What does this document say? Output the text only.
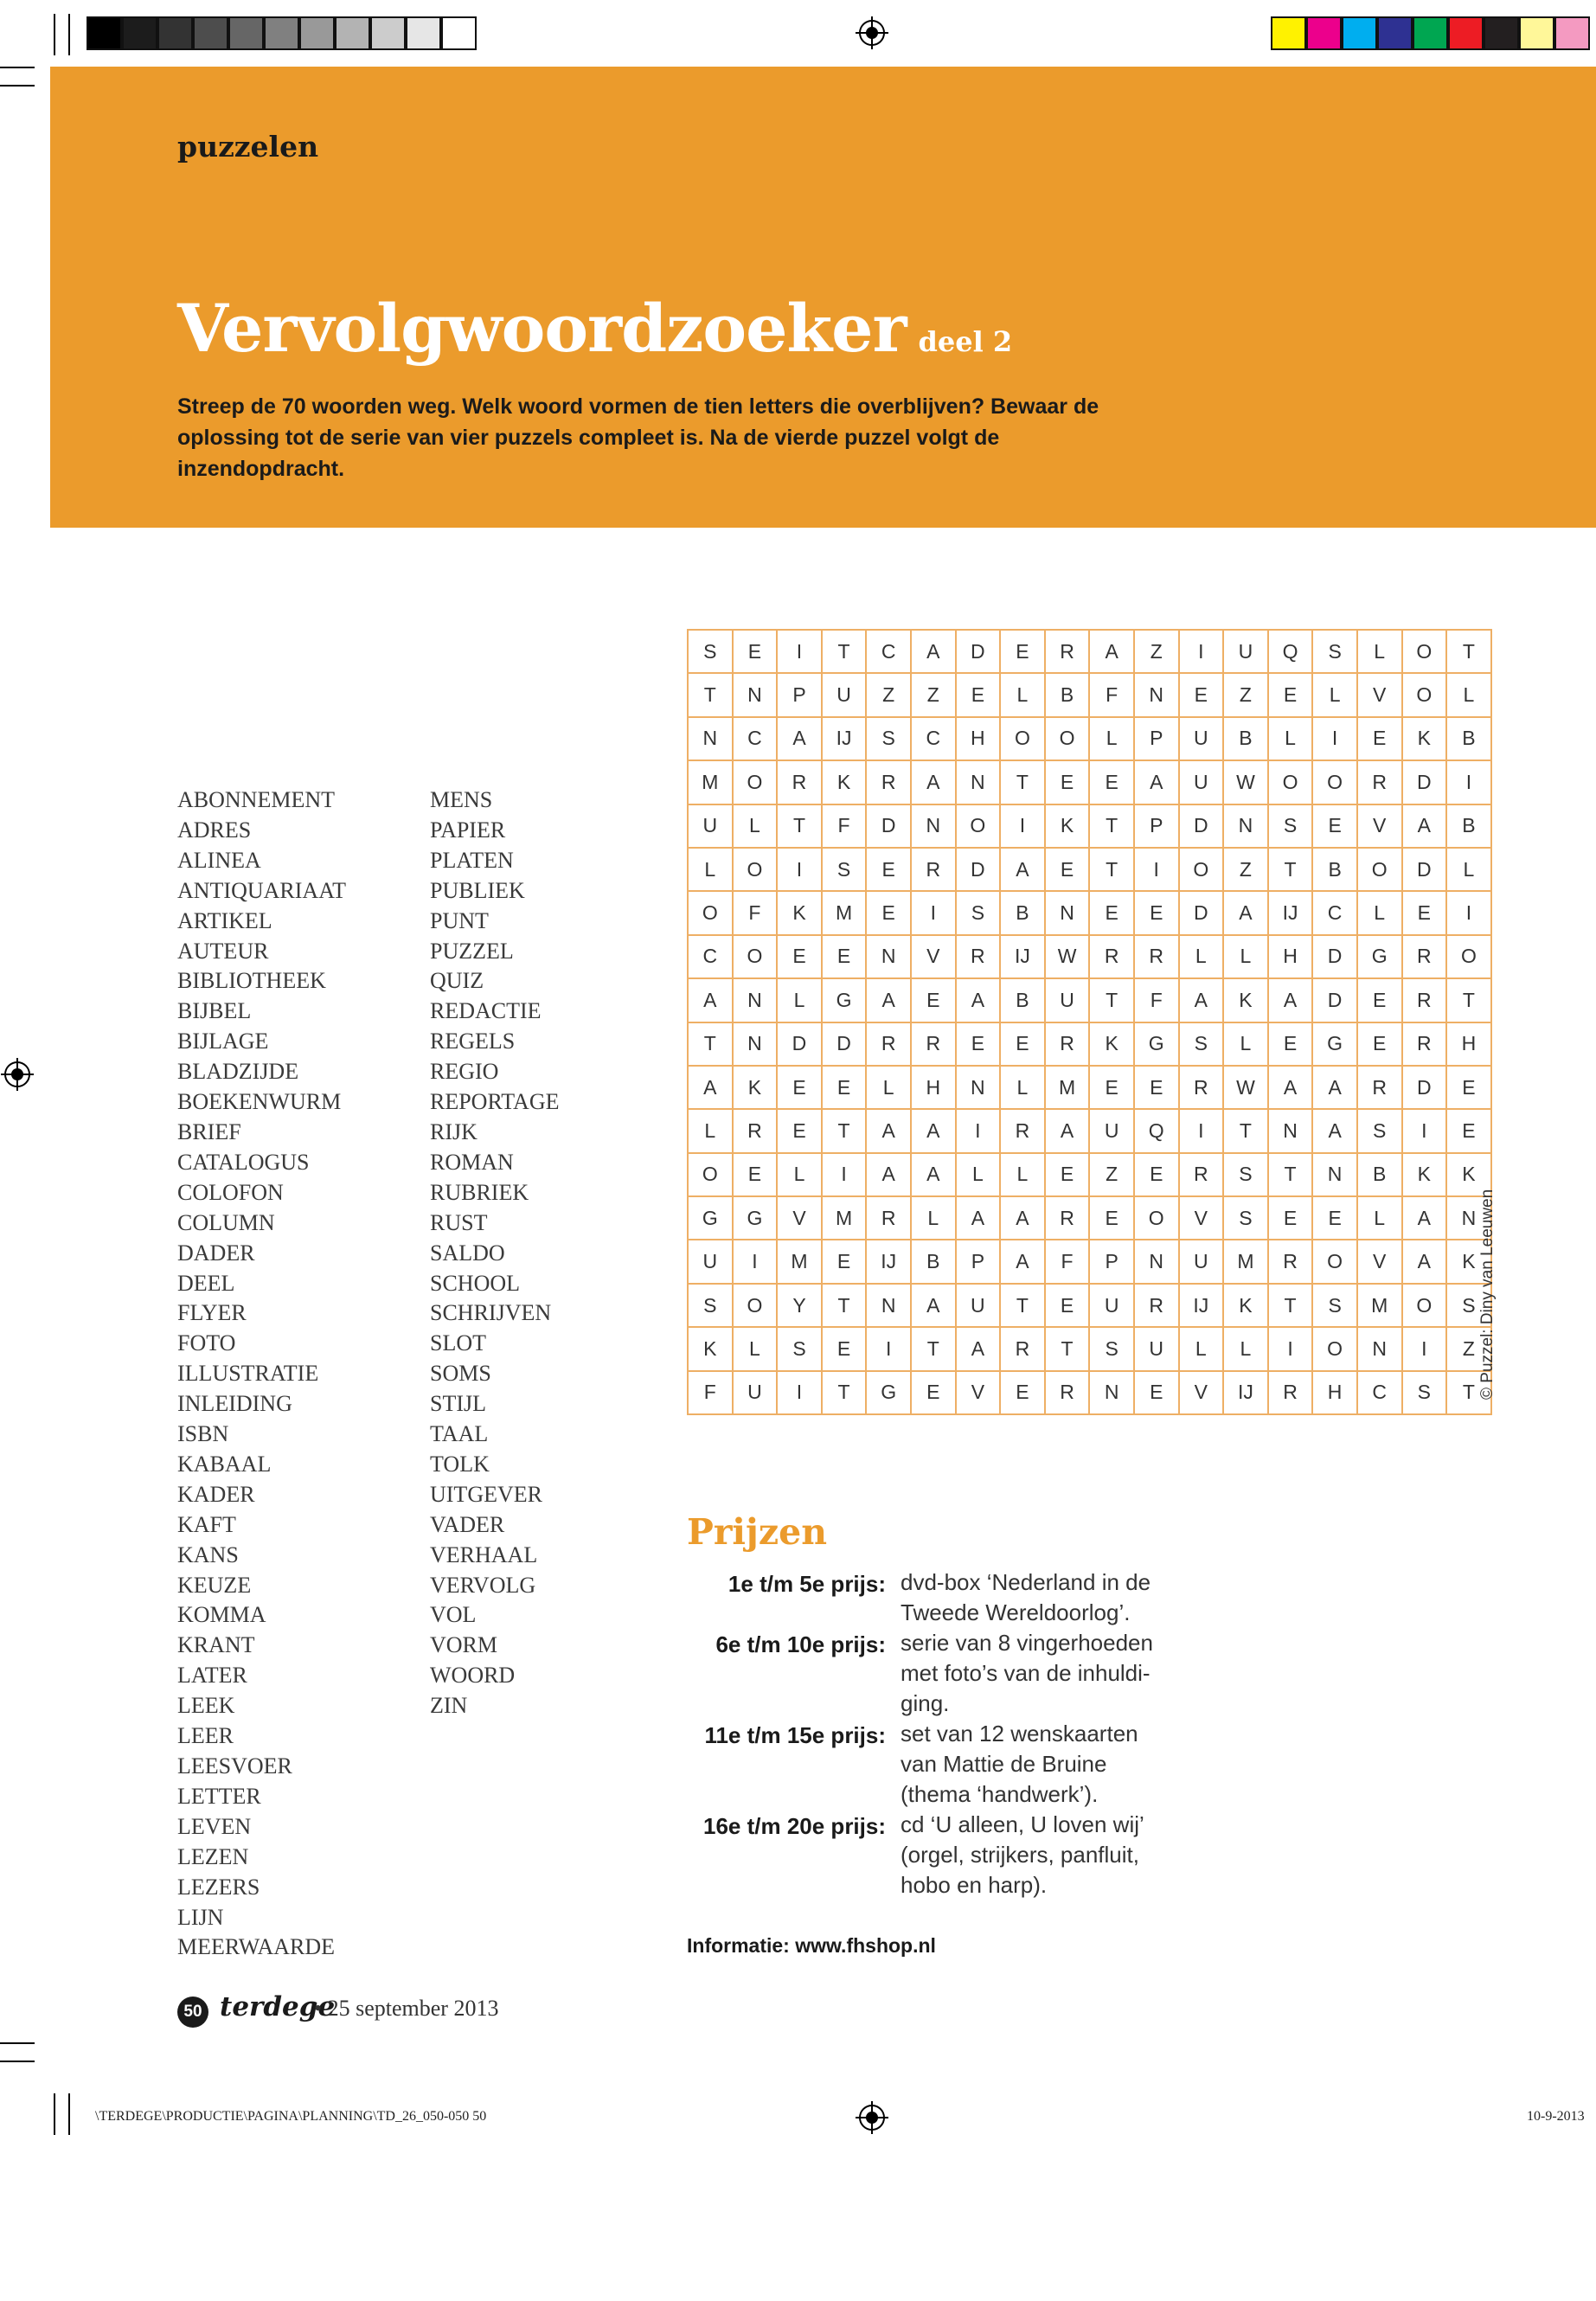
puzzelen
Vervolgwoordzoeker deel 2
Streep de 70 woorden weg. Welk woord vormen de tien letters die overblijven? Bewaar de oplossing tot de serie van vier puzzels compleet is. Na de vierde puzzel volgt de inzendopdracht.
ABONNEMENT
ADRES
ALINEA
ANTIQUARIAAT
ARTIKEL
AUTEUR
BIBLIOTHEEK
BIJBEL
BIJLAGE
BLADZIJDE
BOEKENWURM
BRIEF
CATALOGUS
COLOFON
COLUMN
DADER
DEEL
FLYER
FOTO
ILLUSTRATIE
INLEIDING
ISBN
KABAAL
KADER
KAFT
KANS
KEUZE
KOMMA
KRANT
LATER
LEEK
LEER
LEESVOER
LETTER
LEVEN
LEZEN
LEZERS
LIJN
MEERWAARDE
MENS
PAPIER
PLATEN
PUBLIEK
PUNT
PUZZEL
QUIZ
REDACTIE
REGELS
REGIO
REPORTAGE
RIJK
ROMAN
RUBRIEK
RUST
SALDO
SCHOOL
SCHRIJVEN
SLOT
SOMS
STIJL
TAAL
TOLK
UITGEVER
VADER
VERHAAL
VERVOLG
VOL
VORM
WOORD
ZIN
S	E	I	T	C	A	D	E	R	A	Z	I	U	Q	S	L	O	T
T	N	P	U	Z	Z	E	L	B	F	N	E	Z	E	L	V	O	L
N	C	A	IJ	S	C	H	O	O	L	P	U	B	L	I	E	K	B
M	O	R	K	R	A	N	T	E	E	A	U	W	O	O	R	D	I
U	L	T	F	D	N	O	I	K	T	P	D	N	S	E	V	A	B
L	O	I	S	E	R	D	A	E	T	I	O	Z	T	B	O	D	L
O	F	K	M	E	I	S	B	N	E	E	D	A	IJ	C	L	E	I
C	O	E	E	N	V	R	IJ	W	R	R	L	L	H	D	G	R	O
A	N	L	G	A	E	A	B	U	T	F	A	K	A	D	E	R	T
T	N	D	D	R	R	E	E	R	K	G	S	L	E	G	E	R	H
A	K	E	E	L	H	N	L	M	E	E	R	W	A	A	R	D	E
L	R	E	T	A	A	I	R	A	U	Q	I	T	N	A	S	I	E
O	E	L	I	A	A	L	L	E	Z	E	R	S	T	N	B	K	K
G	G	V	M	R	L	A	A	R	E	O	V	S	E	E	L	A	N
U	I	M	E	IJ	B	P	A	F	P	N	U	M	R	O	V	A	K
S	O	Y	T	N	A	U	T	E	U	R	IJ	K	T	S	M	O	S
K	L	S	E	I	T	A	R	T	S	U	L	L	I	O	N	I	Z
F	U	I	T	G	E	V	E	R	N	E	V	IJ	R	H	C	S	T © Puzzel: Diny van Leeuwen
Prijzen
1e t/m 5e prijs: dvd-box ‘Nederland in de
Tweede Wereldoorlog’.
6e t/m 10e prijs: serie van 8 vingerhoeden
met foto’s van de inhuldi-
ging.
11e t/m 15e prijs: set van 12 wenskaarten
van Mattie de Bruine
(thema ‘handwerk’).
16e t/m 20e prijs: cd ‘U alleen, U loven wij’
(orgel, strijkers, panfluit,
hobo en harp).
Informatie: www.fhshop.nl
50 terdege
• 25 september 2013
\TERDEGE\PRODUCTIE\PAGINA\PLANNING\TD_26_050-050 50	10-9-2013
